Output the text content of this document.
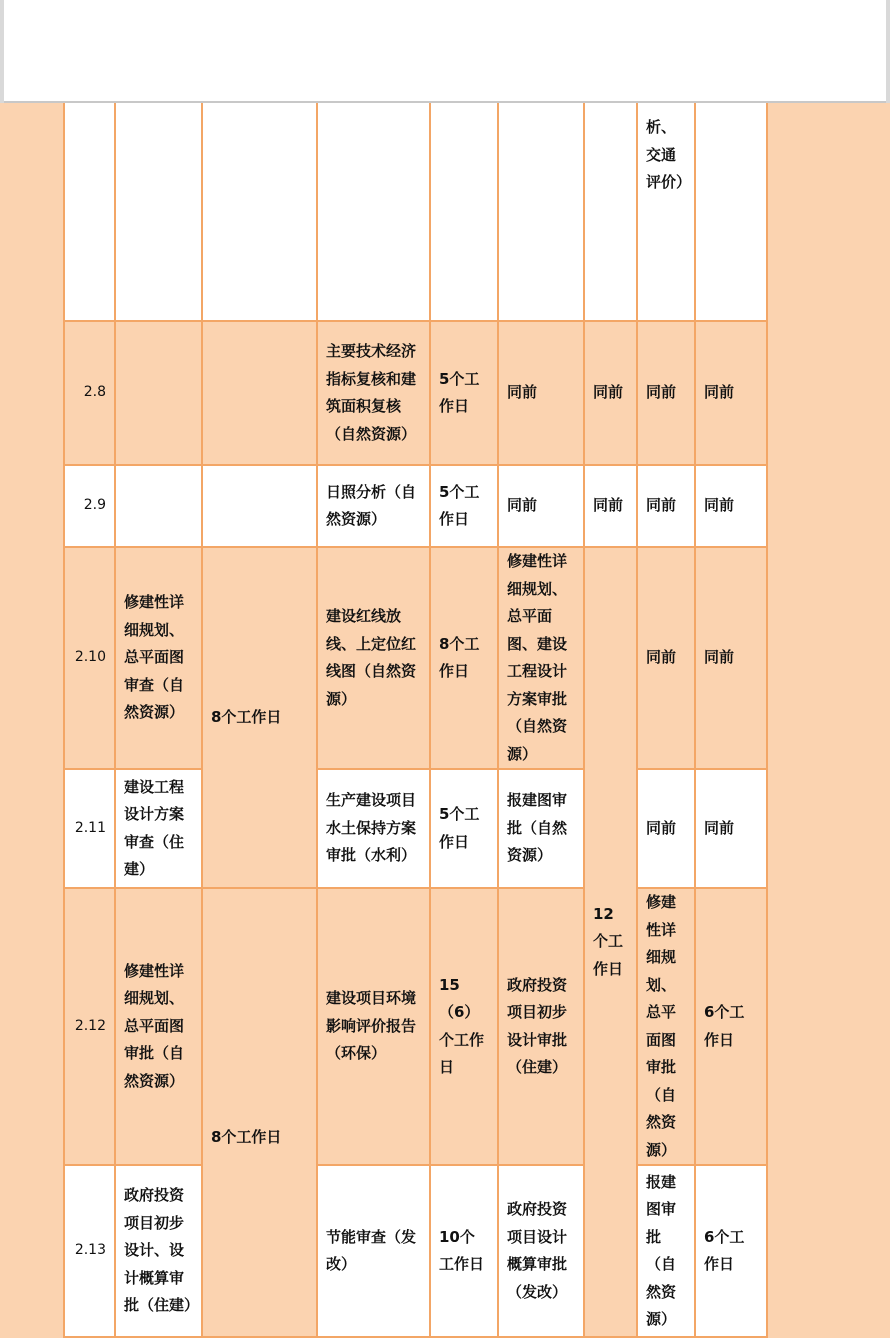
							析、交通评价）	
2.8			主要技术经济指标复核和建筑面积复核（自然资源）	5个工作日	同前	同前	同前	同前
2.9			日照分析（自然资源）	5个工作日	同前	同前	同前	同前
2.10	修建性详细规划、总平面图审查（自然资源）	8个工作日	建设红线放线、上定位红线图（自然资源）	8个工作日	修建性详细规划、总平面图、建设工程设计方案审批（自然资源）	12个工作日	同前	同前
2.11	建设工程设计方案审查（住建）		生产建设项目水土保持方案审批（水利）	5个工作日	报建图审批（自然资源）		同前	同前
2.12	修建性详细规划、总平面图审批（自然资源）	8个工作日	建设项目环境影响评价报告（环保）	15（6）个工作日	政府投资项目初步设计审批（住建）		修建性详细规划、总平面图审批（自然资源）	6个工作日
2.13	政府投资项目初步设计、设计概算审批（住建）		节能审查（发改）	10个工作日	政府投资项目设计概算审批（发改）		报建图审批（自然资源）	6个工作日
